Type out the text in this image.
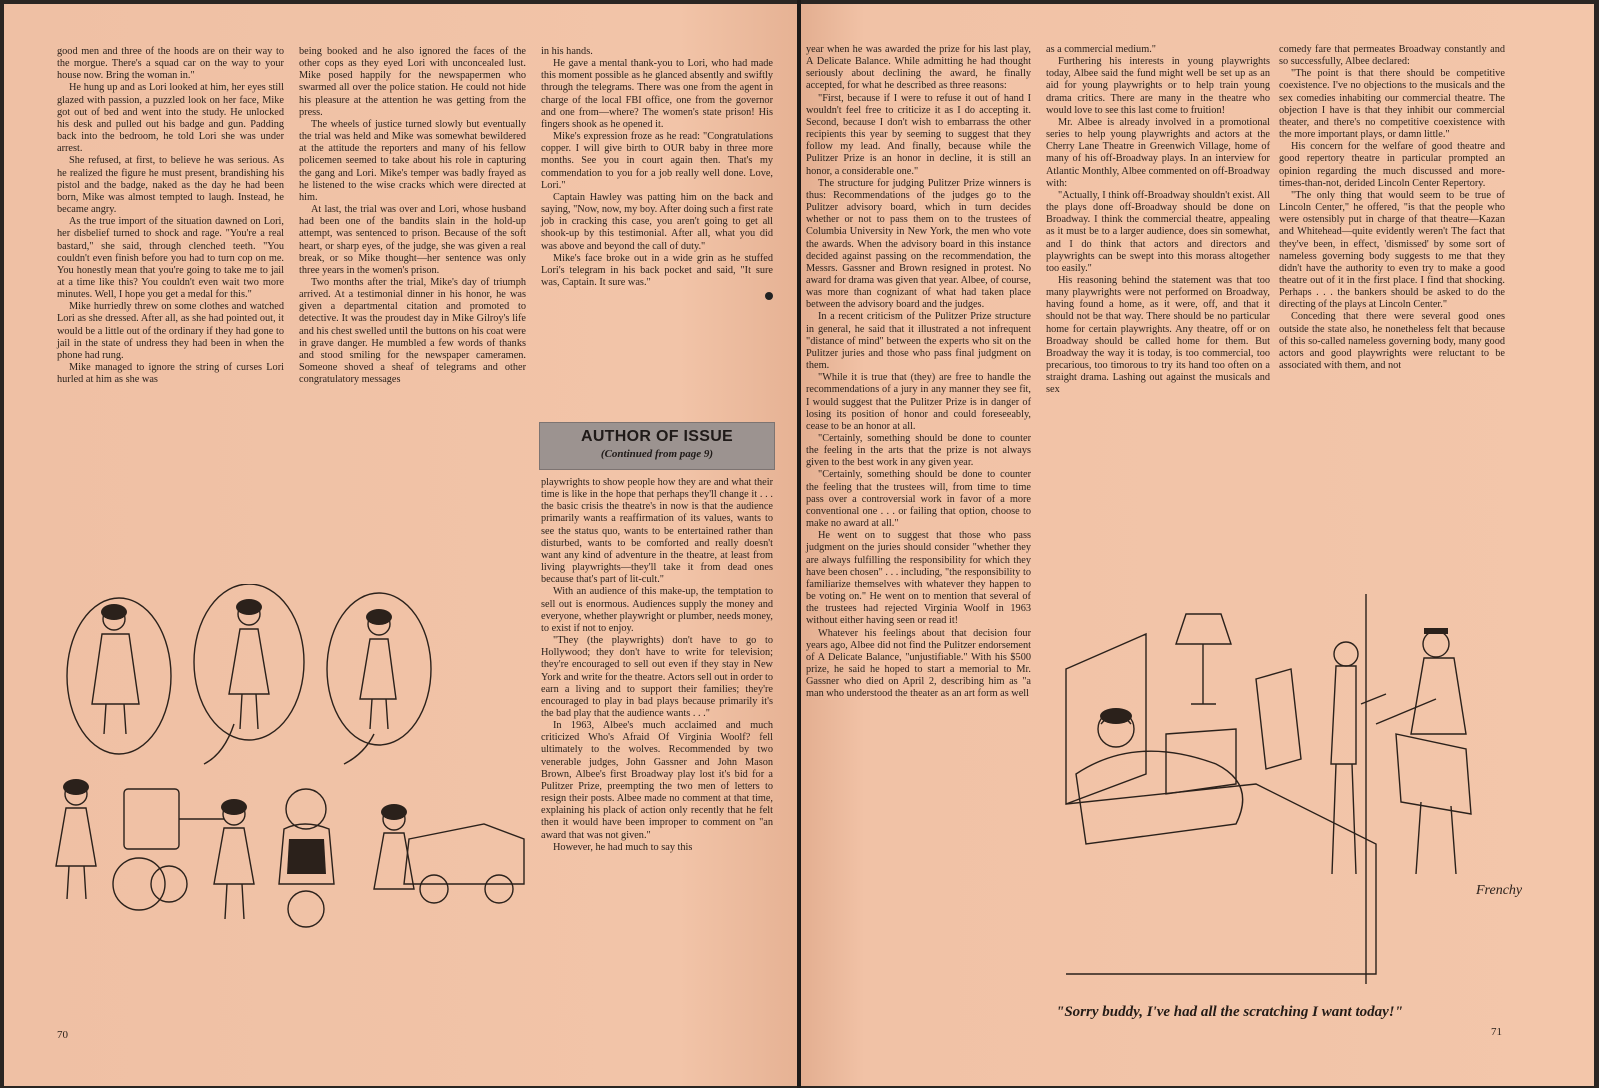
good men and three of the hoods are on their way to the morgue. There's a squad car on the way to your house now. Bring the woman in."

He hung up and as Lori looked at him, her eyes still glazed with passion, a puzzled look on her face, Mike got out of bed and went into the study. He unlocked his desk and pulled out his badge and gun. Padding back into the bedroom, he told Lori she was under arrest.

She refused, at first, to believe he was serious. As he realized the figure he must present, brandishing his pistol and the badge, naked as the day he had been born, Mike was almost tempted to laugh. Instead, he became angry.

As the true import of the situation dawned on Lori, her disbelief turned to shock and rage. "You're a real bastard," she said, through clenched teeth. "You couldn't even finish before you had to turn cop on me. You honestly mean that you're going to take me to jail at a time like this? You couldn't even wait two more minutes. Well, I hope you get a medal for this."

Mike hurriedly threw on some clothes and watched Lori as she dressed. After all, as she had pointed out, it would be a little out of the ordinary if they had gone to jail in the state of undress they had been in when the phone had rung.

Mike managed to ignore the string of curses Lori hurled at him as she was

being booked and he also ignored the faces of the other cops as they eyed Lori with unconcealed lust. Mike posed happily for the newspapermen who swarmed all over the police station. He could not hide his pleasure at the attention he was getting from the press.

The wheels of justice turned slowly but eventually the trial was held and Mike was somewhat bewildered at the attitude the reporters and many of his fellow policemen seemed to take about his role in capturing the gang and Lori. Mike's temper was badly frayed as he listened to the wise cracks which were directed at him.

At last, the trial was over and Lori, whose husband had been one of the bandits slain in the hold-up attempt, was sentenced to prison. Because of the soft heart, or sharp eyes, of the judge, she was given a real break, or so Mike thought—her sentence was only three years in the women's prison.

Two months after the trial, Mike's day of triumph arrived. At a testimonial dinner in his honor, he was given a departmental citation and promoted to detective. It was the proudest day in Mike Gilroy's life and his chest swelled until the buttons on his coat were in grave danger. He mumbled a few words of thanks and stood smiling for the newspaper cameramen. Someone shoved a sheaf of telegrams and other congratulatory messages

in his hands.

He gave a mental thank-you to Lori, who had made this moment possible as he glanced absently and swiftly through the telegrams. There was one from the agent in charge of the local FBI office, one from the governor and one from—where? The women's state prison! His fingers shook as he opened it.

Mike's expression froze as he read: "Congratulations copper. I will give birth to OUR baby in three more months. See you in court again then. That's my commendation to you for a job really well done. Love, Lori."

Captain Hawley was patting him on the back and saying, "Now, now, my boy. After doing such a first rate job in cracking this case, you aren't going to get all shook-up by this testimonial. After all, what you did was above and beyond the call of duty."

Mike's face broke out in a wide grin as he stuffed Lori's telegram in his back pocket and said, "It sure was, Captain. It sure was."

AUTHOR OF ISSUE
(Continued from page 9)

playwrights to show people how they are and what their time is like in the hope that perhaps they'll change it . . . the basic crisis the theatre's in now is that the audience primarily wants a reaffirmation of its values, wants to see the status quo, wants to be entertained rather than disturbed, wants to be comforted and really doesn't want any kind of adventure in the theatre, at least from living playwrights—they'll take it from dead ones because that's part of lit-cult."

With an audience of this make-up, the temptation to sell out is enormous. Audiences supply the money and everyone, whether playwright or plumber, needs money, to exist if not to enjoy.

"They (the playwrights) don't have to go to Hollywood; they don't have to write for television; they're encouraged to sell out even if they stay in New York and write for the theatre. Actors sell out in order to earn a living and to support their families; they're encouraged to play in bad plays because primarily it's the bad play that the audience wants . . ."

In 1963, Albee's much acclaimed and much criticized Who's Afraid Of Virginia Woolf? fell ultimately to the wolves. Recommended by two venerable judges, John Gassner and John Mason Brown, Albee's first Broadway play lost it's bid for a Pulitzer Prize, preempting the two men of letters to resign their posts. Albee made no comment at that time, explaining his plack of action only recently that he felt then it would have been improper to comment on "an award that was not given."

However, he had much to say this

70

year when he was awarded the prize for his last play, A Delicate Balance. While admitting he had thought seriously about declining the award, he finally accepted, for what he described as three reasons:

"First, because if I were to refuse it out of hand I wouldn't feel free to criticize it as I do accepting it. Second, because I don't wish to embarrass the other recipients this year by seeming to suggest that they follow my lead. And finally, because while the Pulitzer Prize is an honor in decline, it is still an honor, a considerable one."

The structure for judging Pulitzer Prize winners is thus: Recommendations of the judges go to the Pulitzer advisory board, which in turn decides whether or not to pass them on to the trustees of Columbia University in New York, the men who vote the awards. When the advisory board in this instance decided against passing on the recommendation, the Messrs. Gassner and Brown resigned in protest. No award for drama was given that year. Albee, of course, was more than cognizant of what had taken place between the advisory board and the judges.

In a recent criticism of the Pulitzer Prize structure in general, he said that it illustrated a not infrequent "distance of mind" between the experts who sit on the Pulitzer juries and those who pass final judgment on them.

"While it is true that (they) are free to handle the recommendations of a jury in any manner they see fit, I would suggest that the Pulitzer Prize is in danger of losing its position of honor and could foreseeably, cease to be an honor at all.

"Certainly, something should be done to counter the feeling in the arts that the prize is not always given to the best work in any given year.

"Certainly, something should be done to counter the feeling that the trustees will, from time to time pass over a controversial work in favor of a more conventional one . . . or failing that option, choose to make no award at all."

He went on to suggest that those who pass judgment on the juries should consider "whether they are always fulfilling the responsibility for which they have been chosen" . . . including, "the responsibility to familiarize themselves with whatever they happen to be voting on." He went on to mention that several of the trustees had rejected Virginia Woolf in 1963 without either having seen or read it!

Whatever his feelings about that decision four years ago, Albee did not find the Pulitzer endorsement of A Delicate Balance, "unjustifiable." With his $500 prize, he said he hoped to start a memorial to Mr. Gassner who died on April 2, describing him as "a man who understood the theater as an art form as well

as a commercial medium."

Furthering his interests in young playwrights today, Albee said the fund might well be set up as an aid for young playwrights or to help train young drama critics. There are many in the theatre who would love to see this last come to fruition!

Mr. Albee is already involved in a promotional series to help young playwrights and actors at the Cherry Lane Theatre in Greenwich Village, home of many of his off-Broadway plays. In an interview for Atlantic Monthly, Albee commented on off-Broadway with:

"Actually, I think off-Broadway shouldn't exist. All the plays done off-Broadway should be done on Broadway. I think the commercial theatre, appealing as it must be to a larger audience, does sin somewhat, and I do think that actors and directors and playwrights can be swept into this morass altogether too easily."

His reasoning behind the statement was that too many playwrights were not performed on Broadway, having found a home, as it were, off, and that it should not be that way. There should be no particular home for certain playwrights. Any theatre, off or on Broadway should be called home for them. But Broadway the way it is today, is too commercial, too precarious, too timorous to try its hand too often on a straight drama. Lashing out against the musicals and sex

comedy fare that permeates Broadway constantly and so successfully, Albee declared:

"The point is that there should be competitive coexistence. I've no objections to the musicals and the sex comedies inhabiting our commercial theatre. The objection I have is that they inhibit our commercial theater, and there's no competitive coexistence with the more important plays, or damn little."

His concern for the welfare of good theatre and good repertory theatre in particular prompted an opinion regarding the much discussed and more-times-than-not, derided Lincoln Center Repertory.

"The only thing that would seem to be true of Lincoln Center," he offered, "is that the people who were ostensibly put in charge of that theatre—Kazan and Whitehead—quite evidently weren't The fact that they've been, in effect, 'dismissed' by some sort of nameless governing body suggests to me that they didn't have the authority to even try to make a good theatre out of it in the first place. I find that shocking. Perhaps . . . the bankers should be asked to do the directing of the plays at Lincoln Center."

Conceding that there were several good ones outside the state also, he nonetheless felt that because of this so-called nameless governing body, many good actors and good playwrights were reluctant to be associated with them, and not

Frenchy
"Sorry buddy, I've had all the scratching I want today!"
71
